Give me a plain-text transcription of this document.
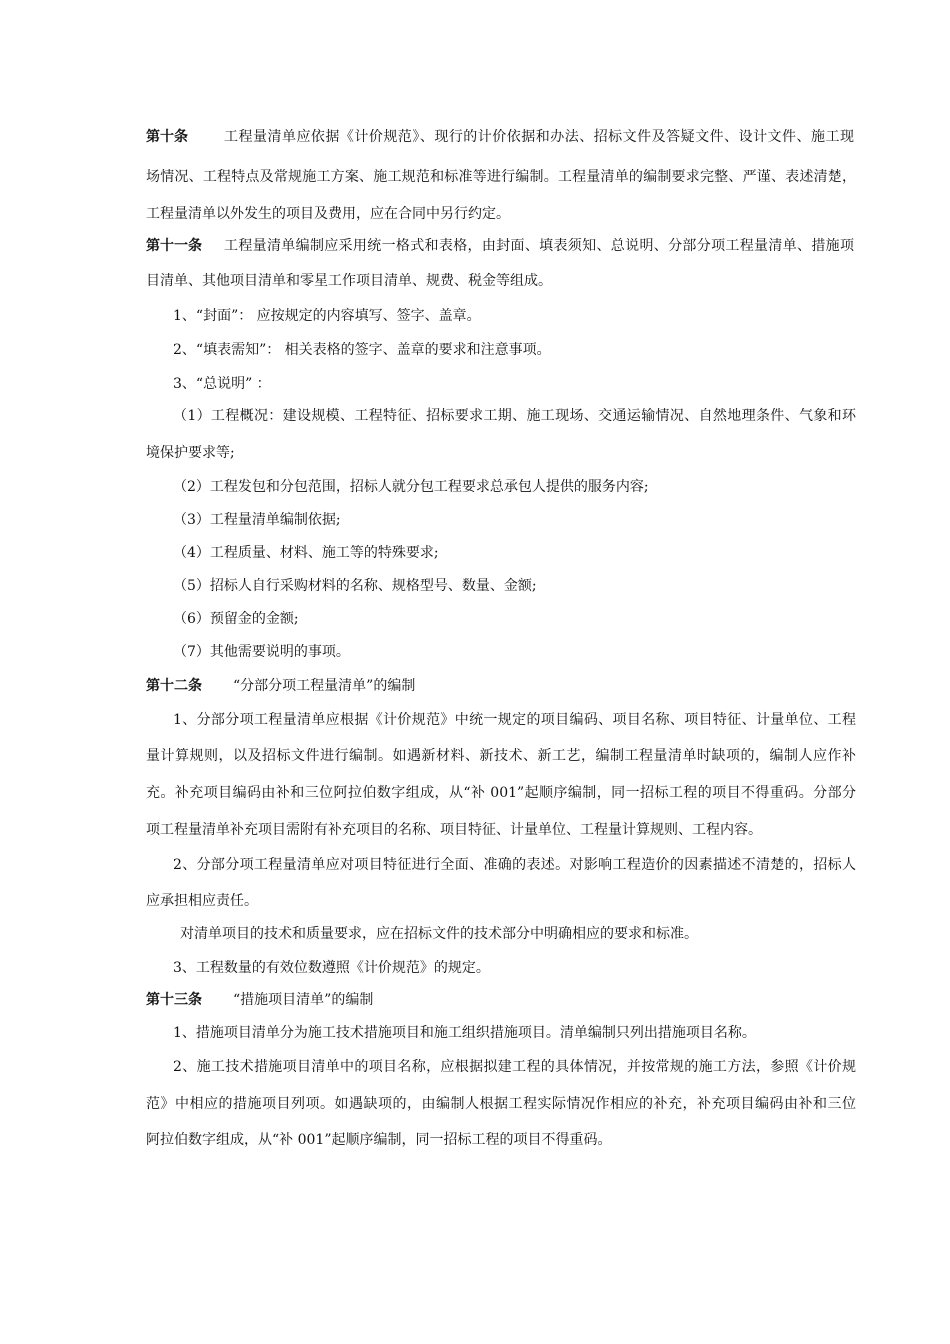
第十条	工程量清单应依据《计价规范》、现行的计价依据和办法、招标文件及答疑文件、设计文件、施工现
场情况、工程特点及常规施工方案、施工规范和标准等进行编制。工程量清单的编制要求完整、严谨、表述清楚，
工程量清单以外发生的项目及费用，应在合同中另行约定。
第十一条 工程量清单编制应采用统一格式和表格，由封面、填表须知、总说明、分部分项工程量清单、措施项
目清单、其他项目清单和零星工作项目清单、规费、税金等组成。
1、“封面”： 应按规定的内容填写、签字、盖章。
2、“填表需知”： 相关表格的签字、盖章的要求和注意事项。
3、“总说明” ：
（1）工程概况：建设规模、工程特征、招标要求工期、施工现场、交通运输情况、自然地理条件、气象和环
境保护要求等;
（2）工程发包和分包范围，招标人就分包工程要求总承包人提供的服务内容;
（3）工程量清单编制依据;
（4）工程质量、材料、施工等的特殊要求;
（5）招标人自行采购材料的名称、规格型号、数量、金额;
（6）预留金的金额;
（7）其他需要说明的事项。
第十二条 “分部分项工程量清单”的编制
1、分部分项工程量清单应根据《计价规范》中统一规定的项目编码、项目名称、项目特征、计量单位、工程
量计算规则，以及招标文件进行编制。如遇新材料、新技术、新工艺，编制工程量清单时缺项的，编制人应作补
充。补充项目编码由补和三位阿拉伯数字组成，从“补 001”起顺序编制，同一招标工程的项目不得重码。分部分
项工程量清单补充项目需附有补充项目的名称、项目特征、计量单位、工程量计算规则、工程内容。
2、分部分项工程量清单应对项目特征进行全面、准确的表述。对影响工程造价的因素描述不清楚的，招标人
应承担相应责任。
对清单项目的技术和质量要求，应在招标文件的技术部分中明确相应的要求和标准。
3、工程数量的有效位数遵照《计价规范》的规定。
第十三条 “措施项目清单”的编制
1、措施项目清单分为施工技术措施项目和施工组织措施项目。清单编制只列出措施项目名称。
2、施工技术措施项目清单中的项目名称，应根据拟建工程的具体情况，并按常规的施工方法，参照《计价规
范》中相应的措施项目列项。如遇缺项的，由编制人根据工程实际情况作相应的补充，补充项目编码由补和三位
阿拉伯数字组成，从“补 001”起顺序编制，同一招标工程的项目不得重码。
